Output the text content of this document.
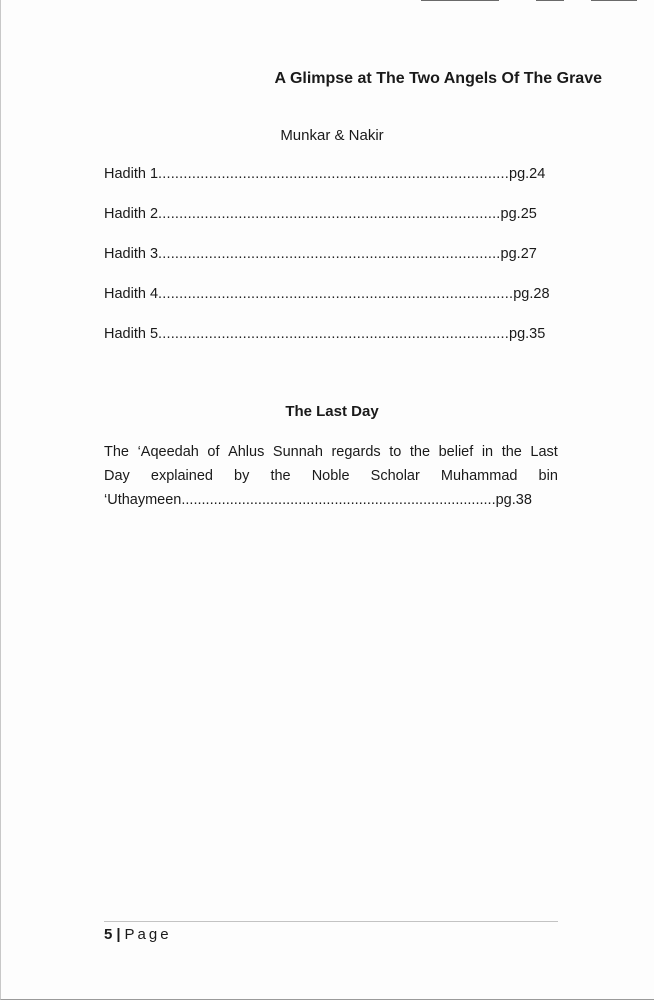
A Glimpse at The Two Angels Of The Grave

Munkar & Nakir

Hadith 1 ................................................................................... pg.24
Hadith 2 ................................................................................. pg.25
Hadith 3 ................................................................................. pg.27
Hadith 4 .................................................................................... pg.28
Hadith 5 ................................................................................... pg.35
The Last Day
The ‘Aqeedah of Ahlus Sunnah regards to the belief in the Last
Day explained by the Noble Scholar Muhammad bin
‘Uthaymeen .............................................................................. pg.38
5 | Page
